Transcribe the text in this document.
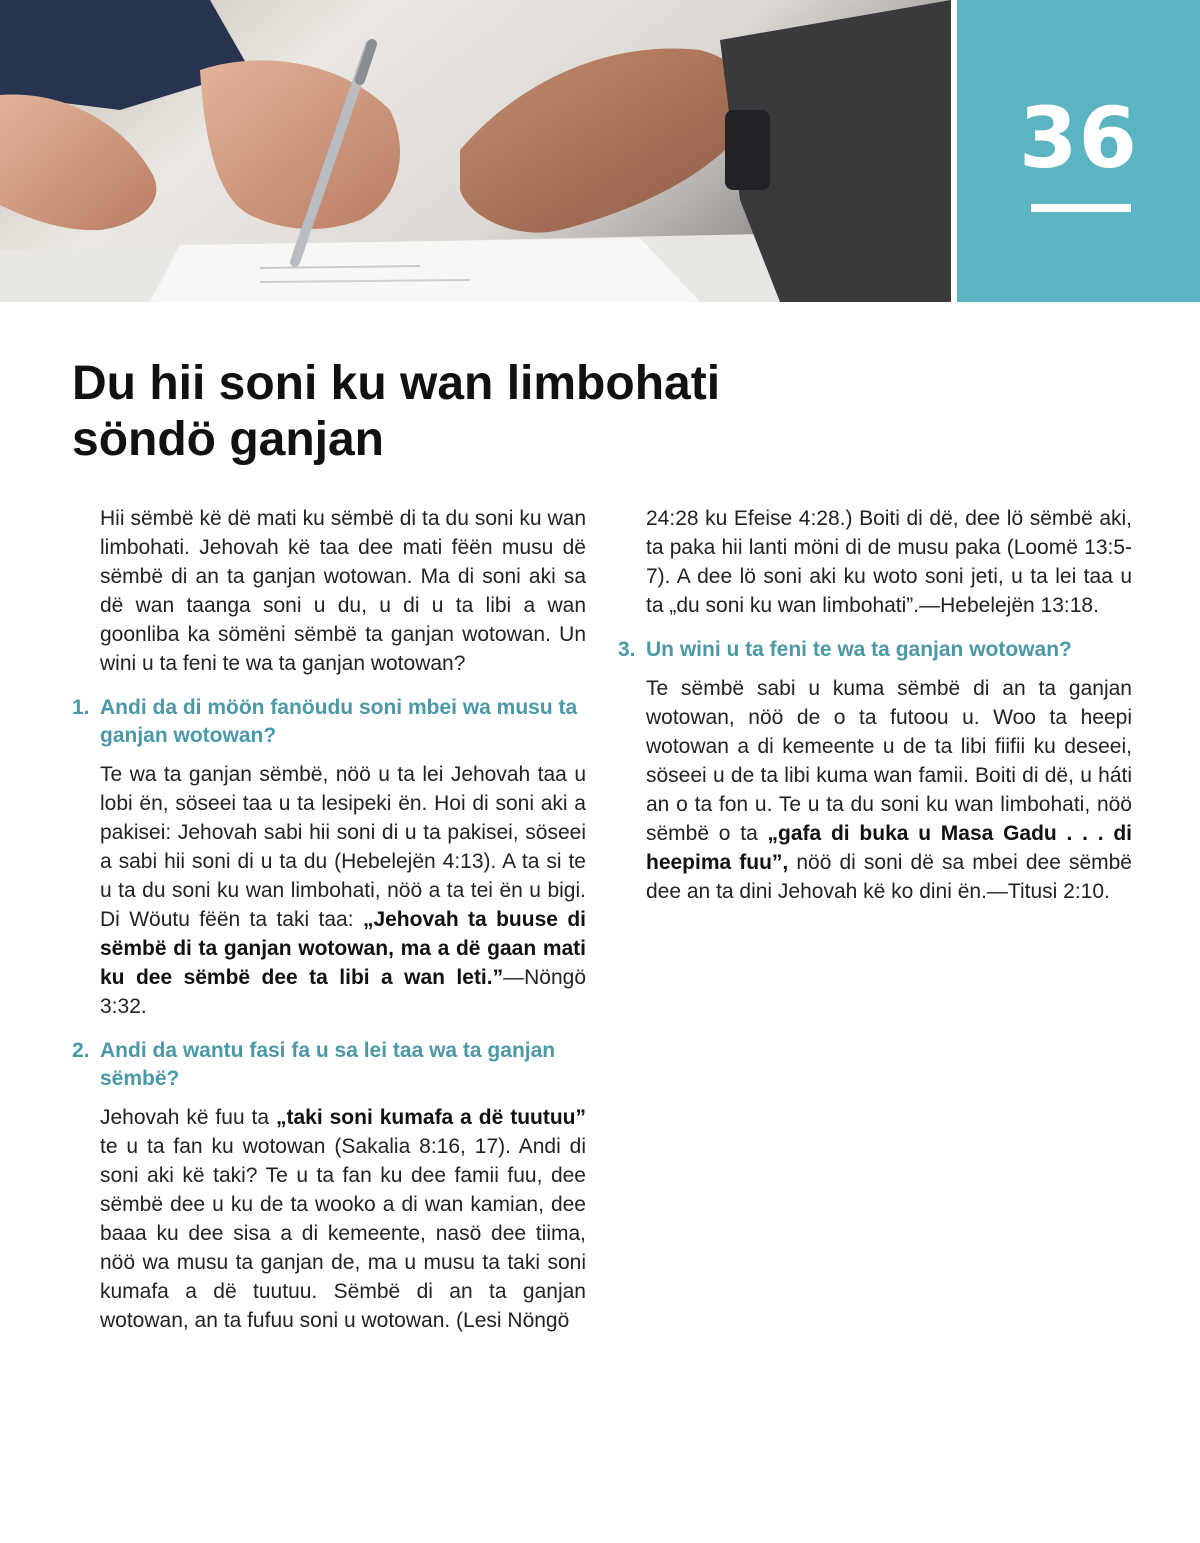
36
Du hii soni ku wan limbohati
söndö ganjan

Hii sëmbë kë dë mati ku sëmbë di ta du soni ku wan limbohati. Jehovah kë taa dee mati fëën musu dë sëmbë di an ta ganjan wotowan. Ma di soni aki sa dë wan taanga soni u du, u di u ta libi a wan goonliba ka sömëni sëmbë ta ganjan wotowan. Un wini u ta feni te wa ta ganjan wotowan?

1. Andi da di möön fanöudu soni mbei wa musu ta ganjan wotowan?

Te wa ta ganjan sëmbë, nöö u ta lei Jehovah taa u lobi ën, söseei taa u ta lesipeki ën. Hoi di soni aki a pakisei: Jehovah sabi hii soni di u ta pakisei, söseei a sabi hii soni di u ta du (Hebelejën 4:13). A ta si te u ta du soni ku wan limbohati, nöö a ta tei ën u bigi. Di Wöutu fëën ta taki taa: „Jehovah ta buuse di sëmbë di ta ganjan wotowan, ma a dë gaan mati ku dee sëmbë dee ta libi a wan leti.”—Nöngö 3:32.

2. Andi da wantu fasi fa u sa lei taa wa ta ganjan sëmbë?

Jehovah kë fuu ta „taki soni kumafa a dë tuutuu” te u ta fan ku wotowan (Sakalia 8:16, 17). Andi di soni aki kë taki? Te u ta fan ku dee famii fuu, dee sëmbë dee u ku de ta wooko a di wan kamian, dee baaa ku dee sisa a di kemeente, nasö dee tiima, nöö wa musu ta ganjan de, ma u musu ta taki soni kumafa a dë tuutuu. Sëmbë di an ta ganjan wotowan, an ta fufuu soni u wotowan. (Lesi Nöngö

24:28 ku Efeise 4:28.) Boiti di dë, dee lö sëmbë aki, ta paka hii lanti möni di de musu paka (Loomë 13:5-7). A dee lö soni aki ku woto soni jeti, u ta lei taa u ta „du soni ku wan limbohati”.—Hebelejën 13:18.

3. Un wini u ta feni te wa ta ganjan wotowan?

Te sëmbë sabi u kuma sëmbë di an ta ganjan wotowan, nöö de o ta futoou u. Woo ta heepi wotowan a di kemeente u de ta libi fiifii ku deseei, söseei u de ta libi kuma wan famii. Boiti di dë, u háti an o ta fon u. Te u ta du soni ku wan limbohati, nöö sëmbë o ta „gafa di buka u Masa Gadu . . . di heepima fuu”, nöö di soni dë sa mbei dee sëmbë dee an ta dini Jehovah kë ko dini ën.—Titusi 2:10.
